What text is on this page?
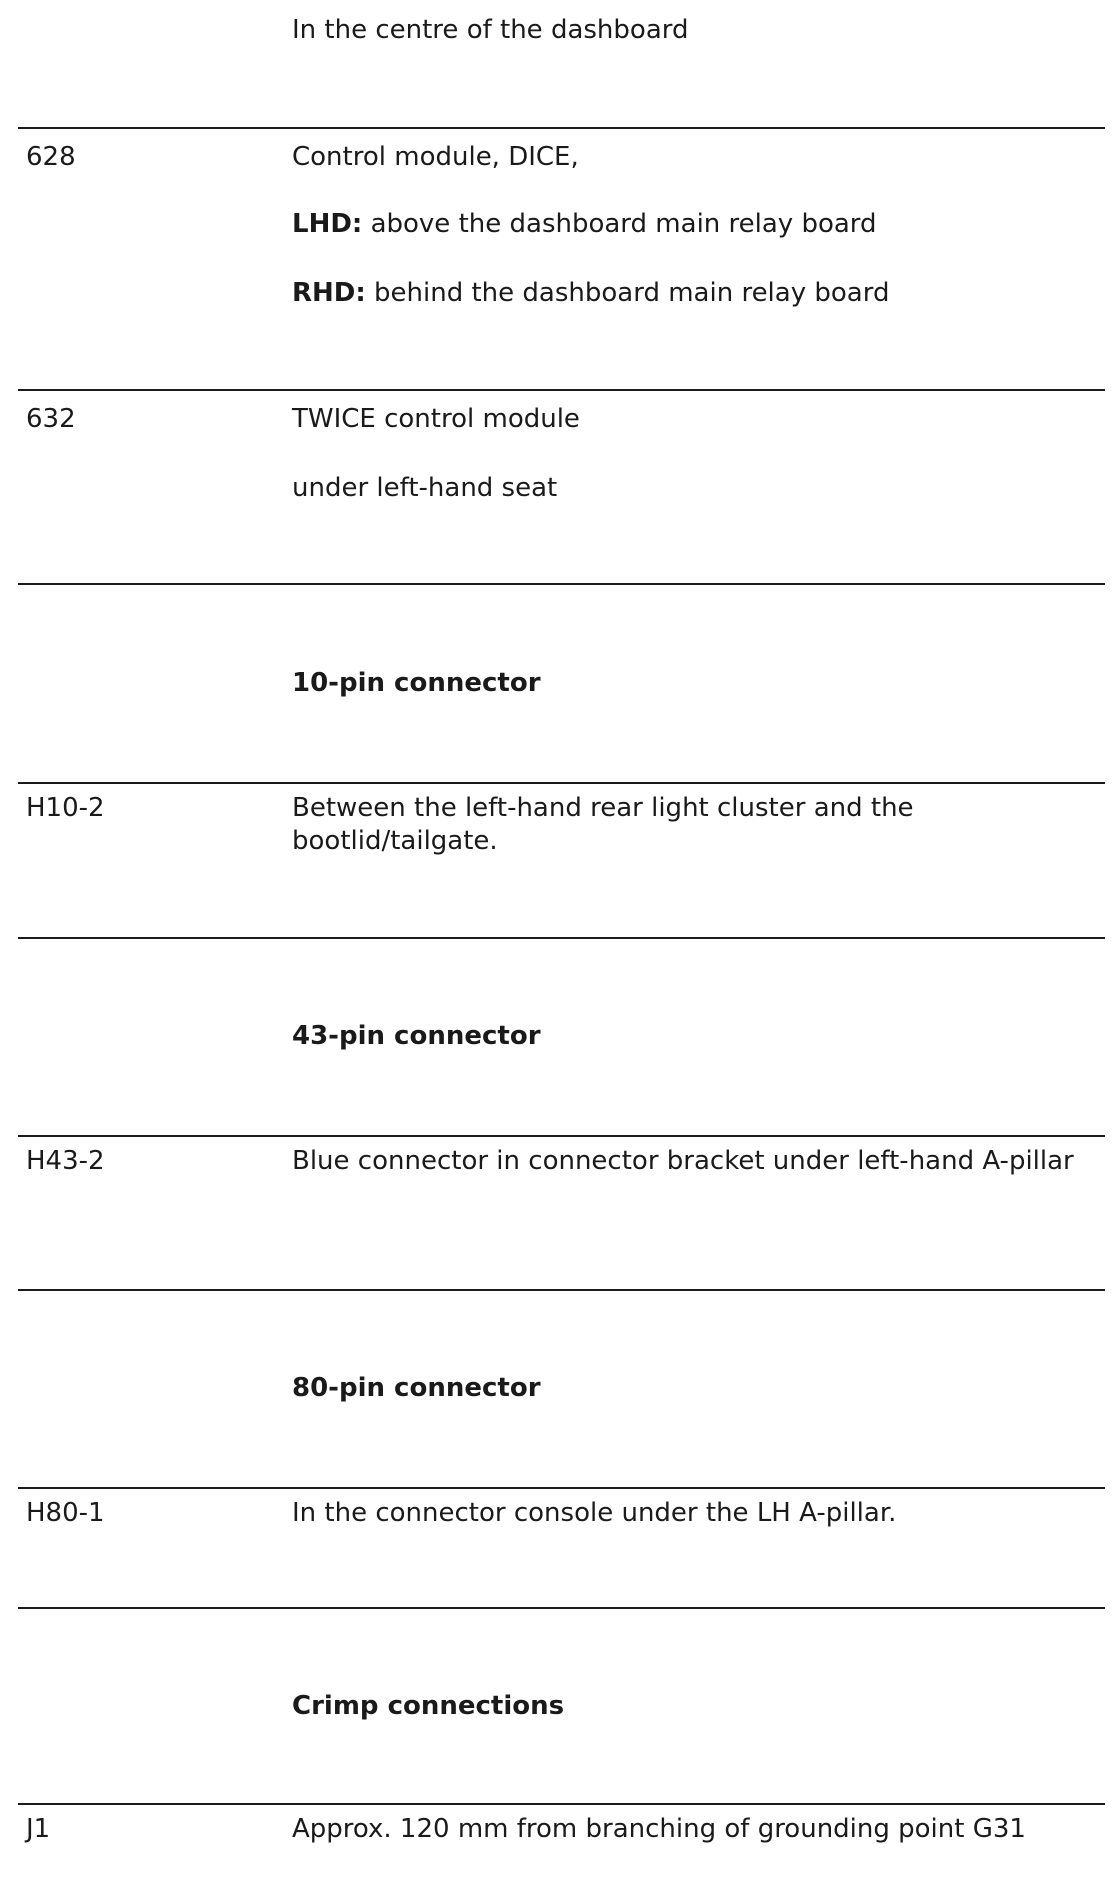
In the centre of the dashboard
628	Control module, DICE,
LHD: above the dashboard main relay board
RHD: behind the dashboard main relay board
632	TWICE control module
under left-hand seat
10-pin connector
H10-2	Between the left-hand rear light cluster and the bootlid/tailgate.
43-pin connector
H43-2	Blue connector in connector bracket under left-hand A-pillar
80-pin connector
H80-1	In the connector console under the LH A-pillar.
Crimp connections
J1	Approx. 120 mm from branching of grounding point G31
